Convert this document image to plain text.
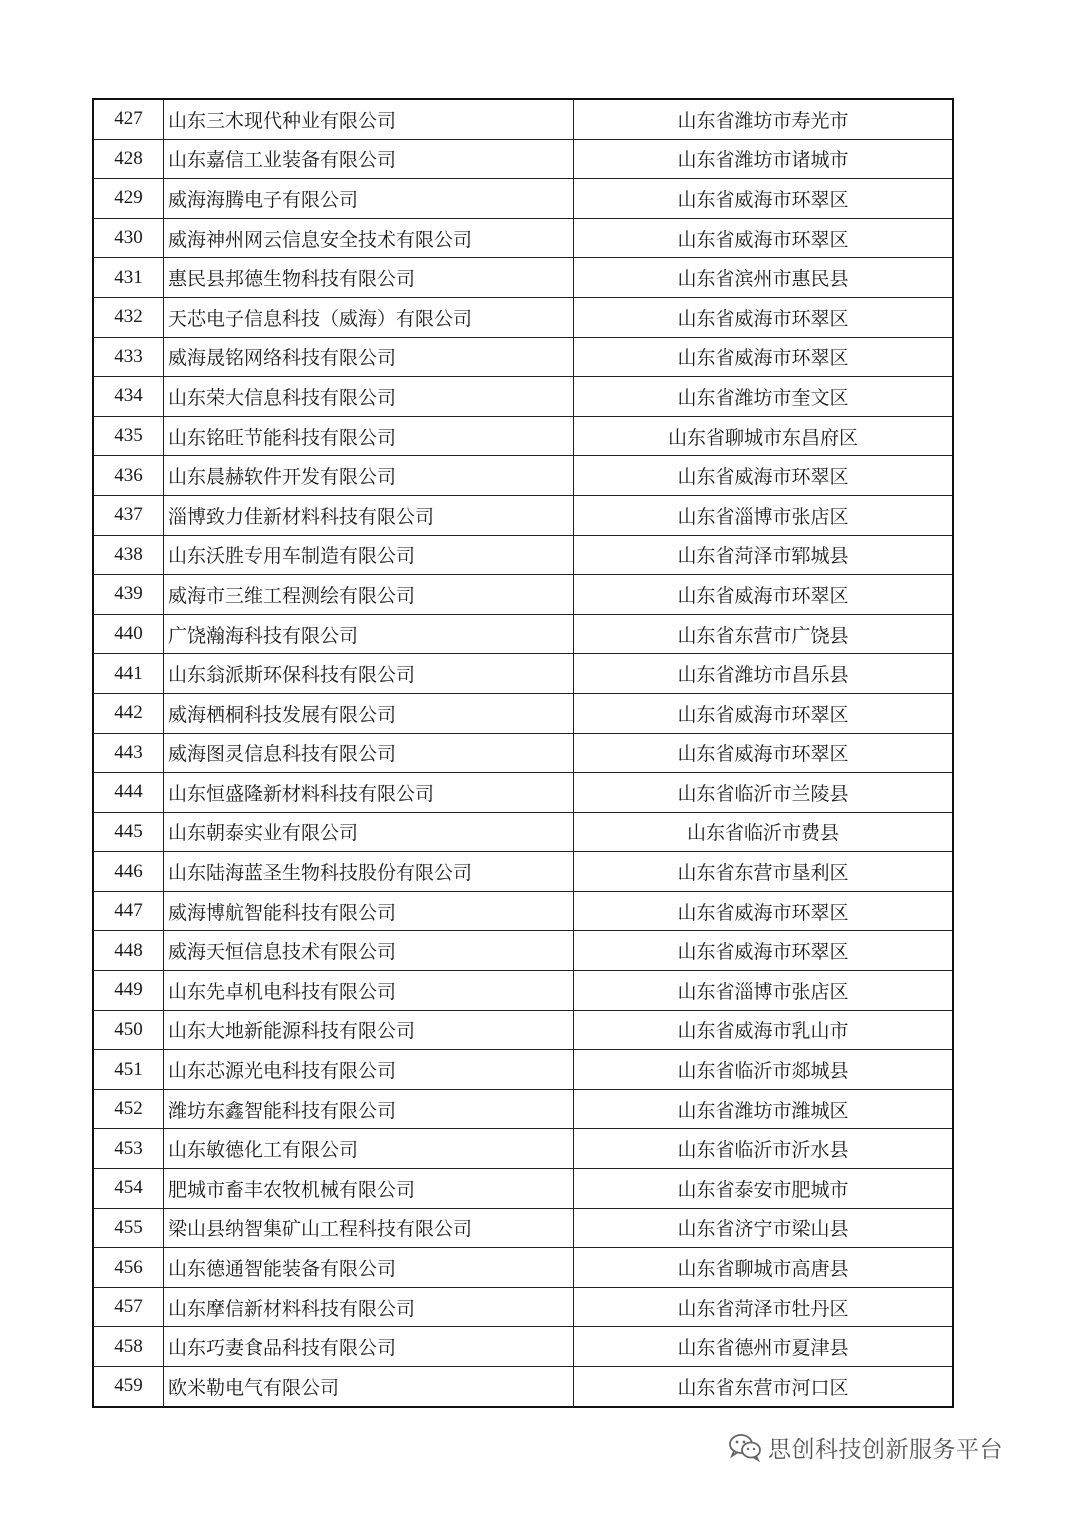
427	山东三木现代种业有限公司	山东省潍坊市寿光市
428	山东嘉信工业装备有限公司	山东省潍坊市诸城市
429	威海海腾电子有限公司	山东省威海市环翠区
430	威海神州网云信息安全技术有限公司	山东省威海市环翠区
431	惠民县邦德生物科技有限公司	山东省滨州市惠民县
432	天芯电子信息科技（威海）有限公司	山东省威海市环翠区
433	威海晟铭网络科技有限公司	山东省威海市环翠区
434	山东荣大信息科技有限公司	山东省潍坊市奎文区
435	山东铭旺节能科技有限公司	山东省聊城市东昌府区
436	山东晨赫软件开发有限公司	山东省威海市环翠区
437	淄博致力佳新材料科技有限公司	山东省淄博市张店区
438	山东沃胜专用车制造有限公司	山东省菏泽市郓城县
439	威海市三维工程测绘有限公司	山东省威海市环翠区
440	广饶瀚海科技有限公司	山东省东营市广饶县
441	山东翁派斯环保科技有限公司	山东省潍坊市昌乐县
442	威海栖桐科技发展有限公司	山东省威海市环翠区
443	威海图灵信息科技有限公司	山东省威海市环翠区
444	山东恒盛隆新材料科技有限公司	山东省临沂市兰陵县
445	山东朝泰实业有限公司	山东省临沂市费县
446	山东陆海蓝圣生物科技股份有限公司	山东省东营市垦利区
447	威海博航智能科技有限公司	山东省威海市环翠区
448	威海天恒信息技术有限公司	山东省威海市环翠区
449	山东先卓机电科技有限公司	山东省淄博市张店区
450	山东大地新能源科技有限公司	山东省威海市乳山市
451	山东芯源光电科技有限公司	山东省临沂市郯城县
452	潍坊东鑫智能科技有限公司	山东省潍坊市潍城区
453	山东敏德化工有限公司	山东省临沂市沂水县
454	肥城市畜丰农牧机械有限公司	山东省泰安市肥城市
455	梁山县纳智集矿山工程科技有限公司	山东省济宁市梁山县
456	山东德通智能装备有限公司	山东省聊城市高唐县
457	山东摩信新材料科技有限公司	山东省菏泽市牡丹区
458	山东巧妻食品科技有限公司	山东省德州市夏津县
459	欧米勒电气有限公司	山东省东营市河口区
思创科技创新服务平台
